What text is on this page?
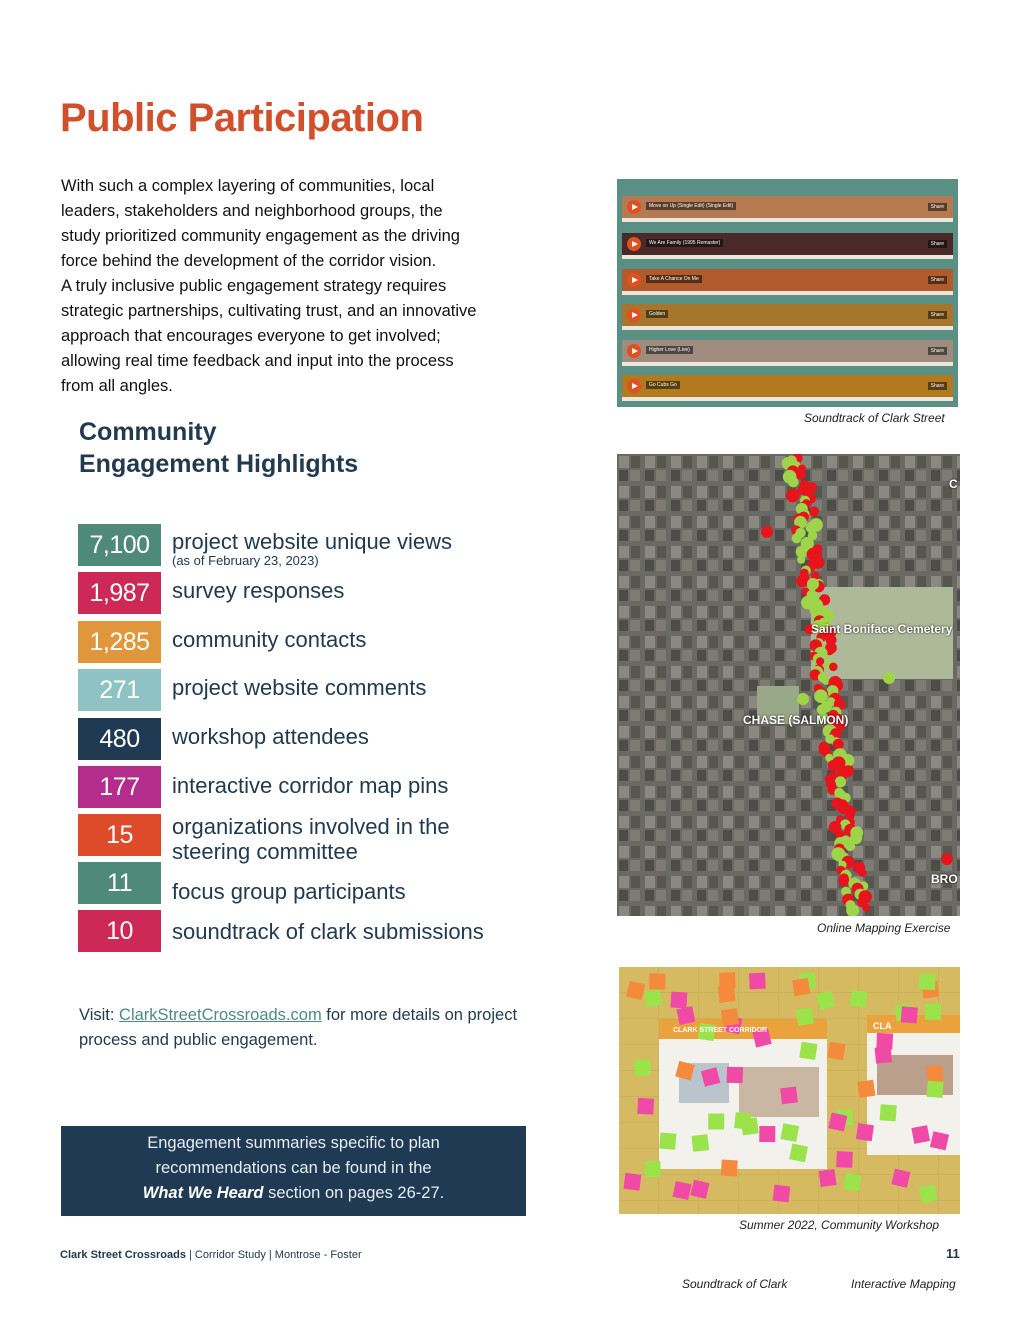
Public Participation

With such a complex layering of communities, local

leaders, stakeholders and neighborhood groups, the

study prioritized community engagement as the driving

force behind the development of the corridor vision.

A truly inclusive public engagement strategy requires

strategic partnerships, cultivating trust, and an innovative

approach that encourages everyone to get involved;

allowing real time feedback and input into the process

from all angles.

Community
Engagement Highlights
7,100	project website unique views
(as of February 23, 2023)
1,987	survey responses
1,285	community contacts
271	project website comments
480	workshop attendees
177	interactive corridor map pins
15	organizations involved in the steering committee
11	focus group participants
10	soundtrack of clark submissions
Visit: ClarkStreetCrossroads.com for more details on project process and public engagement.
Engagement summaries specific to plan
recommendations can be found in the
What We Heard section on pages 26-27.
Clark Street Crossroads | Corridor Study | Montrose - Foster	11
Move on Up (Single Edit) (Single Edit)	Share
We Are Family (1995 Remaster)	Share
Take A Chance On Me	Share
Golden	Share
Higher Love (Live)	Share
Go Cubs Go	Share
Soundtrack of Clark Street
Saint Boniface Cemetery
CHASE (SALMON)
C
BRO
Online Mapping Exercise
CLARK STREET CORRIDOR	CLA
Summer 2022, Community Workshop
Soundtrack of Clark	Interactive Mapping
